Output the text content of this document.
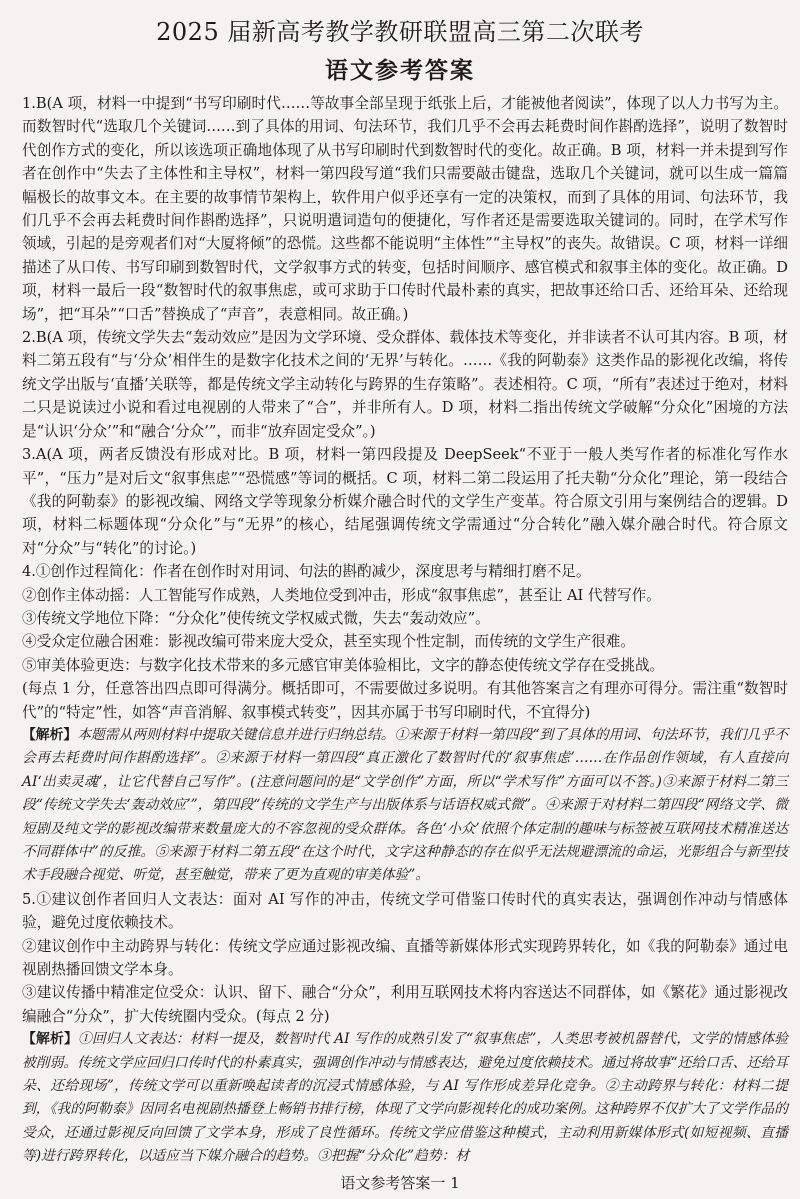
2025 届新高考教学教研联盟高三第二次联考
语文参考答案

1.B(A 项，材料一中提到“书写印刷时代……等故事全部呈现于纸张上后，才能被他者阅读”，体现了以人力书写为主。而数智时代“选取几个关键词……到了具体的用词、句法环节，我们几乎不会再去耗费时间作斟酌选择”，说明了数智时代创作方式的变化，所以该选项正确地体现了从书写印刷时代到数智时代的变化。故正确。B 项，材料一并未提到写作者在创作中“失去了主体性和主导权”，材料一第四段写道“我们只需要敲击键盘，选取几个关键词，就可以生成一篇篇幅极长的故事文本。在主要的故事情节架构上，软件用户似乎还享有一定的决策权，而到了具体的用词、句法环节，我们几乎不会再去耗费时间作斟酌选择”，只说明遣词造句的便捷化，写作者还是需要选取关键词的。同时，在学术写作领域，引起的是旁观者们对“大厦将倾”的恐慌。这些都不能说明“主体性”“主导权”的丧失。故错误。C 项，材料一详细描述了从口传、书写印刷到数智时代，文学叙事方式的转变，包括时间顺序、感官模式和叙事主体的变化。故正确。D 项，材料一最后一段“数智时代的叙事焦虑，或可求助于口传时代最朴素的真实，把故事还给口舌、还给耳朵、还给现场”，把“耳朵”“口舌”替换成了“声音”，表意相同。故正确。)

2.B(A 项，传统文学失去“轰动效应”是因为文学环境、受众群体、载体技术等变化，并非读者不认可其内容。B 项，材料二第五段有“与‘分众’相伴生的是数字化技术之间的‘无界’与转化。……《我的阿勒泰》这类作品的影视化改编，将传统文学出版与‘直播’关联等，都是传统文学主动转化与跨界的生存策略”。表述相符。C 项，“所有”表述过于绝对，材料二只是说读过小说和看过电视剧的人带来了“合”，并非所有人。D 项，材料二指出传统文学破解“分众化”困境的方法是“认识‘分众’”和“融合‘分众’”，而非“放弃固定受众”。)

3.A(A 项，两者反馈没有形成对比。B 项，材料一第四段提及 DeepSeek“不亚于一般人类写作者的标准化写作水平”，“压力”是对后文“叙事焦虑”“恐慌感”等词的概括。C 项，材料二第二段运用了托夫勒“分众化”理论，第一段结合《我的阿勒泰》的影视改编、网络文学等现象分析媒介融合时代的文学生产变革。符合原文引用与案例结合的逻辑。D 项，材料二标题体现“分众化”与“无界”的核心，结尾强调传统文学需通过“分合转化”融入媒介融合时代。符合原文对“分众”与“转化”的讨论。)

4.①创作过程简化：作者在创作时对用词、句法的斟酌减少，深度思考与精细打磨不足。

②创作主体动摇：人工智能写作成熟，人类地位受到冲击，形成“叙事焦虑”，甚至让 AI 代替写作。

③传统文学地位下降：“分众化”使传统文学权威式微，失去“轰动效应”。

④受众定位融合困难：影视改编可带来庞大受众，甚至实现个性定制，而传统的文学生产很难。

⑤审美体验更迭：与数字化技术带来的多元感官审美体验相比，文字的静态使传统文学存在受挑战。

(每点 1 分，任意答出四点即可得满分。概括即可，不需要做过多说明。有其他答案言之有理亦可得分。需注重“数智时代”的“特定”性，如答“声音消解、叙事模式转变”，因其亦属于书写印刷时代，不宜得分)

【解析】本题需从两则材料中提取关键信息并进行归纳总结。①来源于材料一第四段“到了具体的用词、句法环节，我们几乎不会再去耗费时间作斟酌选择”。②来源于材料一第四段“真正激化了数智时代的‘叙事焦虑’……在作品创作领域，有人直接向 AI‘出卖灵魂’，让它代替自己写作”。(注意问题问的是“文学创作”方面，所以“学术写作”方面可以不答。)③来源于材料二第三段“传统文学失去‘轰动效应’”，第四段“传统的文学生产与出版体系与话语权威式微”。④来源于对材料二第四段“网络文学、微短剧及纯文学的影视改编带来数量庞大的不容忽视的受众群体。各色‘小众’依照个体定制的趣味与标签被互联网技术精准送达不同群体中”的反推。⑤来源于材料二第五段“在这个时代，文字这种静态的存在似乎无法规避漂流的命运，光影组合与新型技术手段融合视觉、听觉，甚至触觉，带来了更为直观的审美体验”。

5.①建议创作者回归人文表达：面对 AI 写作的冲击，传统文学可借鉴口传时代的真实表达，强调创作冲动与情感体验，避免过度依赖技术。

②建议创作中主动跨界与转化：传统文学应通过影视改编、直播等新媒体形式实现跨界转化，如《我的阿勒泰》通过电视剧热播回馈文学本身。

③建议传播中精准定位受众：认识、留下、融合“分众”，利用互联网技术将内容送达不同群体，如《繁花》通过影视改编融合“分众”，扩大传统圈内受众。(每点 2 分)

【解析】①回归人文表达：材料一提及，数智时代 AI 写作的成熟引发了“叙事焦虑”，人类思考被机器替代，文学的情感体验被削弱。传统文学应回归口传时代的朴素真实，强调创作冲动与情感表达，避免过度依赖技术。通过将故事“还给口舌、还给耳朵、还给现场”，传统文学可以重新唤起读者的沉浸式情感体验，与 AI 写作形成差异化竞争。②主动跨界与转化：材料二提到，《我的阿勒泰》因同名电视剧热播登上畅销书排行榜，体现了文学向影视转化的成功案例。这种跨界不仅扩大了文学作品的受众，还通过影视反向回馈了文学本身，形成了良性循环。传统文学应借鉴这种模式，主动利用新媒体形式(如短视频、直播等)进行跨界转化，以适应当下媒介融合的趋势。③把握“分众化”趋势：材

语文参考答案一 1
